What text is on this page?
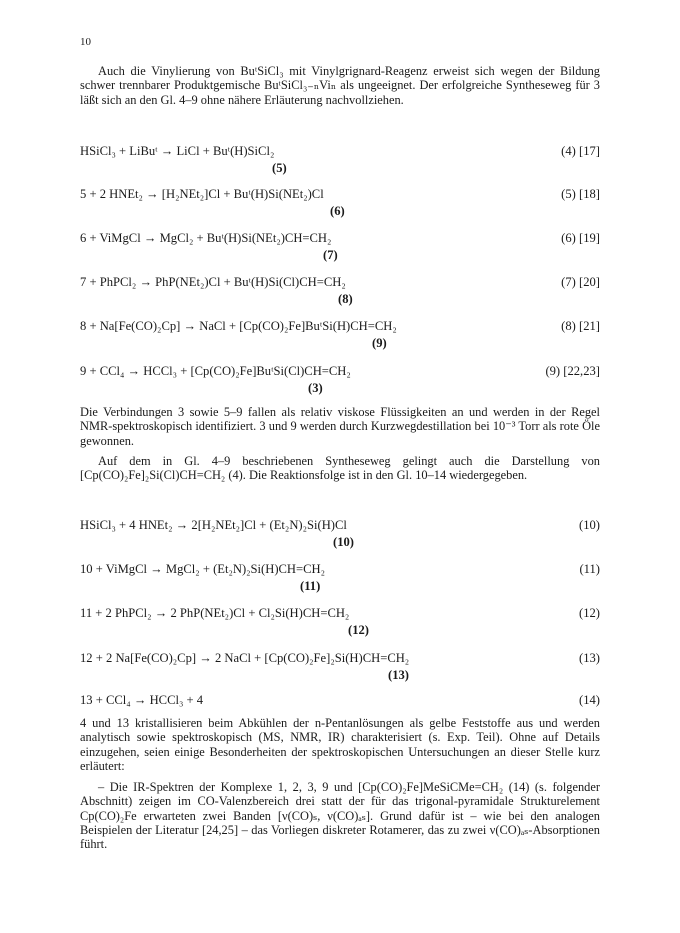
10
Auch die Vinylierung von BuᵗSiCl₃ mit Vinylgrignard-Reagenz erweist sich wegen der Bildung schwer trennbarer Produktgemische BuᵗSiCl₃₋ₙViₙ als ungeeignet. Der erfolgreiche Syntheseweg für 3 läßt sich an den Gl. 4–9 ohne nähere Erläuterung nachvollziehen.
HSiCl₃ + LiBuᵗ → LiCl + Buᵗ(H)SiCl₂	(4) [17]
(5)
5 + 2 HNEt₂ → [H₂NEt₂]Cl + Buᵗ(H)Si(NEt₂)Cl	(5) [18]
(6)
6 + ViMgCl → MgCl₂ + Buᵗ(H)Si(NEt₂)CH=CH₂	(6) [19]
(7)
7 + PhPCl₂ → PhP(NEt₂)Cl + Buᵗ(H)Si(Cl)CH=CH₂	(7) [20]
(8)
8 + Na[Fe(CO)₂Cp] → NaCl + [Cp(CO)₂Fe]BuᵗSi(H)CH=CH₂	(8) [21]
(9)
9 + CCl₄ → HCCl₃ + [Cp(CO)₂Fe]BuᵗSi(Cl)CH=CH₂	(9) [22,23]
(3)
Die Verbindungen 3 sowie 5–9 fallen als relativ viskose Flüssigkeiten an und werden in der Regel NMR-spektroskopisch identifiziert. 3 und 9 werden durch Kurzwegdestillation bei 10⁻³ Torr als rote Öle gewonnen.
Auf dem in Gl. 4–9 beschriebenen Syntheseweg gelingt auch die Darstellung von [Cp(CO)₂Fe]₂Si(Cl)CH=CH₂ (4). Die Reaktionsfolge ist in den Gl. 10–14 wiedergegeben.
HSiCl₃ + 4 HNEt₂ → 2[H₂NEt₂]Cl + (Et₂N)₂Si(H)Cl	(10)
(10)
10 + ViMgCl → MgCl₂ + (Et₂N)₂Si(H)CH=CH₂	(11)
(11)
11 + 2 PhPCl₂ → 2 PhP(NEt₂)Cl + Cl₂Si(H)CH=CH₂	(12)
(12)
12 + 2 Na[Fe(CO)₂Cp] → 2 NaCl + [Cp(CO)₂Fe]₂Si(H)CH=CH₂	(13)
(13)
13 + CCl₄ → HCCl₃ + 4	(14)
4 und 13 kristallisieren beim Abkühlen der n-Pentanlösungen als gelbe Feststoffe aus und werden analytisch sowie spektroskopisch (MS, NMR, IR) charakterisiert (s. Exp. Teil). Ohne auf Details einzugehen, seien einige Besonderheiten der spektroskopischen Untersuchungen an dieser Stelle kurz erläutert:
– Die IR-Spektren der Komplexe 1, 2, 3, 9 und [Cp(CO)₂Fe]MeSiCMe=CH₂ (14) (s. folgender Abschnitt) zeigen im CO-Valenzbereich drei statt der für das trigonal-pyramidale Strukturelement Cp(CO)₂Fe erwarteten zwei Banden [ν(CO)ₛ, ν(CO)ₐₛ]. Grund dafür ist – wie bei den analogen Beispielen der Literatur [24,25] – das Vorliegen diskreter Rotamerer, das zu zwei ν(CO)ₐₛ-Absorptionen führt.
